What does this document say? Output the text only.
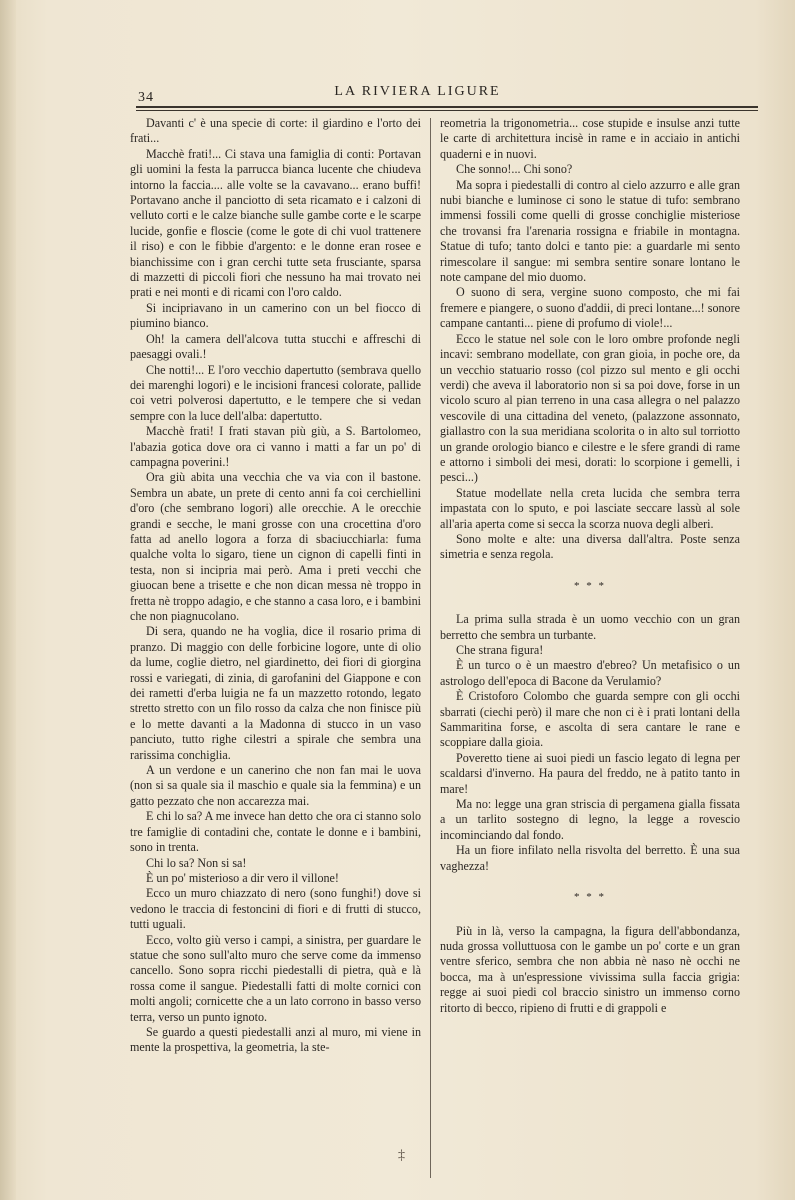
34	LA RIVIERA LIGURE

Davanti c' è una specie di corte: il giardino e l'orto dei frati...

Macchè frati!... Ci stava una famiglia di conti: Portavan gli uomini la festa la parrucca bianca lucente che chiudeva intorno la faccia.... alle volte se la cavavano... erano buffi! Portavano anche il panciotto di seta ricamato e i calzoni di velluto corti e le calze bianche sulle gambe corte e le scarpe lucide, gonfie e floscie (come le gote di chi vuol trattenere il riso) e con le fibbie d'argento: e le donne eran rosee e bianchissime con i gran cerchi tutte seta frusciante, sparsa di mazzetti di piccoli fiori che nessuno ha mai trovato nei prati e nei monti e di ricami con l'oro caldo.

Si incipriavano in un camerino con un bel fiocco di piumino bianco.

Oh! la camera dell'alcova tutta stucchi e affreschi di paesaggi ovali.!

Che notti!... E l'oro vecchio dapertutto (sembrava quello dei marenghi logori) e le incisioni francesi colorate, pallide coi vetri polverosi dapertutto, e le tempere che si vedan sempre con la luce dell'alba: dapertutto.

Macchè frati! I frati stavan più giù, a S. Bartolomeo, l'abazia gotica dove ora ci vanno i matti a far un po' di campagna poverini.!

Ora giù abita una vecchia che va via con il bastone. Sembra un abate, un prete di cento anni fa coi cerchiellini d'oro (che sembrano logori) alle orecchie. A le orecchie grandi e secche, le mani grosse con una crocettina d'oro fatta ad anello logora a forza di sbaciucchiarla: fuma qualche volta lo sigaro, tiene un cignon di capelli finti in testa, non si incipria mai però. Ama i preti vecchi che giuocan bene a trisette e che non dican messa nè troppo in fretta nè troppo adagio, e che stanno a casa loro, e i bambini che non piagnucolano.

Di sera, quando ne ha voglia, dice il rosario prima di pranzo. Di maggio con delle forbicine logore, unte di olio da lume, coglie dietro, nel giardinetto, dei fiori di giorgina rossi e variegati, di zinia, di garofanini del Giappone e con dei rametti d'erba luigia ne fa un mazzetto rotondo, legato stretto stretto con un filo rosso da calza che non finisce più e lo mette davanti a la Madonna di stucco in un vaso panciuto, tutto righe cilestri a spirale che sembra una rarissima conchiglia.

A un verdone e un canerino che non fan mai le uova (non si sa quale sia il maschio e quale sia la femmina) e un gatto pezzato che non accarezza mai.

E chi lo sa? A me invece han detto che ora ci stanno solo tre famiglie di contadini che, contate le donne e i bambini, sono in trenta.

Chi lo sa? Non si sa!

È un po' misterioso a dir vero il villone!

Ecco un muro chiazzato di nero (sono funghi!) dove si vedono le traccia di festoncini di fiori e di frutti di stucco, tutti uguali.

Ecco, volto giù verso i campi, a sinistra, per guardare le statue che sono sull'alto muro che serve come da immenso cancello. Sono sopra ricchi piedestalli di pietra, quà e là rossa come il sangue. Piedestalli fatti di molte cornici con molti angoli; cornicette che a un lato corrono in basso verso terra, verso un punto ignoto.

Se guardo a questi piedestalli anzi al muro, mi viene in mente la prospettiva, la geometria, la ste-

reometria la trigonometria... cose stupide e insulse anzi tutte le carte di architettura incisè in rame e in acciaio in antichi quaderni e in nuovi.

Che sonno!... Chi sono?

Ma sopra i piedestalli di contro al cielo azzurro e alle gran nubi bianche e luminose ci sono le statue di tufo: sembrano immensi fossili come quelli di grosse conchiglie misteriose che trovansi fra l'arenaria rossigna e friabile in montagna. Statue di tufo; tanto dolci e tanto pie: a guardarle mi sento rimescolare il sangue: mi sembra sentire sonare lontano le note campane del mio duomo.

O suono di sera, vergine suono composto, che mi fai fremere e piangere, o suono d'addii, di preci lontane...! sonore campane cantanti... piene di profumo di viole!...

Ecco le statue nel sole con le loro ombre profonde negli incavi: sembrano modellate, con gran gioia, in poche ore, da un vecchio statuario rosso (col pizzo sul mento e gli occhi verdi) che aveva il laboratorio non si sa poi dove, forse in un vicolo scuro al pian terreno in una casa allegra o nel palazzo vescovile di una cittadina del veneto, (palazzone assonnato, giallastro con la sua meridiana scolorita o in alto sul torriotto un grande orologio bianco e cilestre e le sfere grandi di rame e attorno i simboli dei mesi, dorati: lo scorpione i gemelli, i pesci...)

Statue modellate nella creta lucida che sembra terra impastata con lo sputo, e poi lasciate seccare lassù al sole all'aria aperta come si secca la scorza nuova degli alberi.

Sono molte e alte: una diversa dall'altra. Poste senza simetria e senza regola.

* * *

La prima sulla strada è un uomo vecchio con un gran berretto che sembra un turbante.

Che strana figura!

È un turco o è un maestro d'ebreo? Un metafisico o un astrologo dell'epoca di Bacone da Verulamio?

È Cristoforo Colombo che guarda sempre con gli occhi sbarrati (ciechi però) il mare che non ci è i prati lontani della Sammaritina forse, e ascolta di sera cantare le rane e scoppiare dalla gioia.

Poveretto tiene ai suoi piedi un fascio legato di legna per scaldarsi d'inverno. Ha paura del freddo, ne à patito tanto in mare!

Ma no: legge una gran striscia di pergamena gialla fissata a un tarlito sostegno di legno, la legge a rovescio incominciando dal fondo.

Ha un fiore infilato nella risvolta del berretto. È una sua vaghezza!

* * *

Più in là, verso la campagna, la figura dell'abbondanza, nuda grossa volluttuosa con le gambe un po' corte e un gran ventre sferico, sembra che non abbia nè naso nè occhi ne bocca, ma à un'espressione vivissima sulla faccia grigia: regge ai suoi piedi col braccio sinistro un immenso corno ritorto di becco, ripieno di frutti e di grappoli e

‡
